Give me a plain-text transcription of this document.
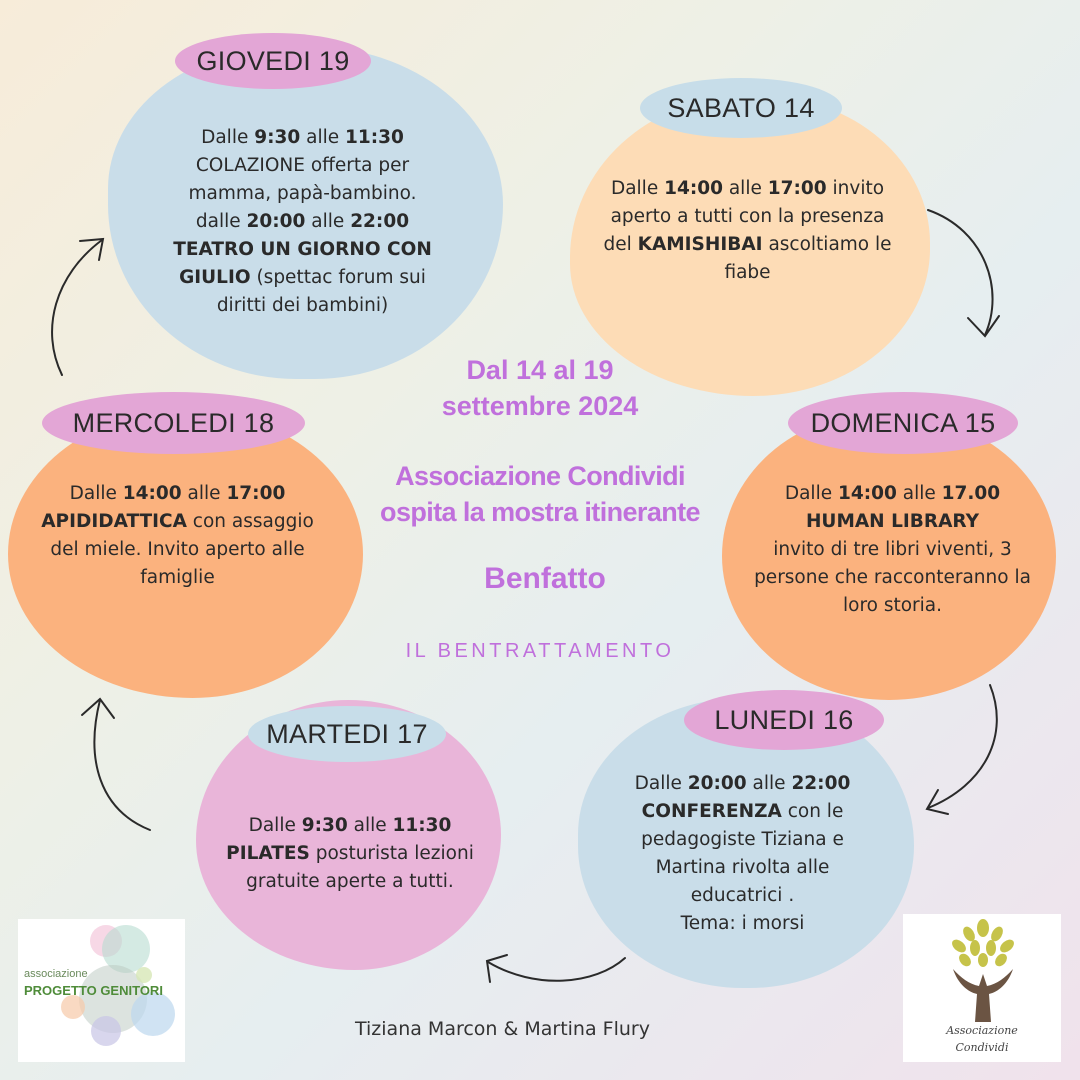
GIOVEDI 19
SABATO 14
MERCOLEDI 18	DOMENICA 15
MARTEDI 17	LUNEDI 16
Dalle 9:30 alle 11:30
COLAZIONE offerta per
mamma, papà-bambino.
dalle 20:00 alle 22:00
TEATRO UN GIORNO CON
GIULIO (spettac forum sui
diritti dei bambini)
Dalle 14:00 alle 17:00 invito
aperto a tutti con la presenza
del KAMISHIBAI ascoltiamo le
fiabe
Dalle 14:00 alle 17:00
APIDIDATTICA con assaggio
del miele. Invito aperto alle
famiglie
Dalle 14:00 alle 17.00
HUMAN LIBRARY
invito di tre libri viventi, 3
persone che racconteranno la
loro storia.
Dalle 9:30 alle 11:30
PILATES posturista lezioni
gratuite aperte a tutti.
Dalle 20:00 alle 22:00
CONFERENZA con le
pedagogiste Tiziana e
Martina rivolta alle
educatrici .
Tema: i morsi
Dal 14 al 19
settembre 2024
Associazione Condividi
ospita la mostra itinerante
Benfatto
IL BENTRATTAMENTO
associazione
PROGETTO GENITORI
Associazione
Condividi
Tiziana Marcon & Martina Flury
